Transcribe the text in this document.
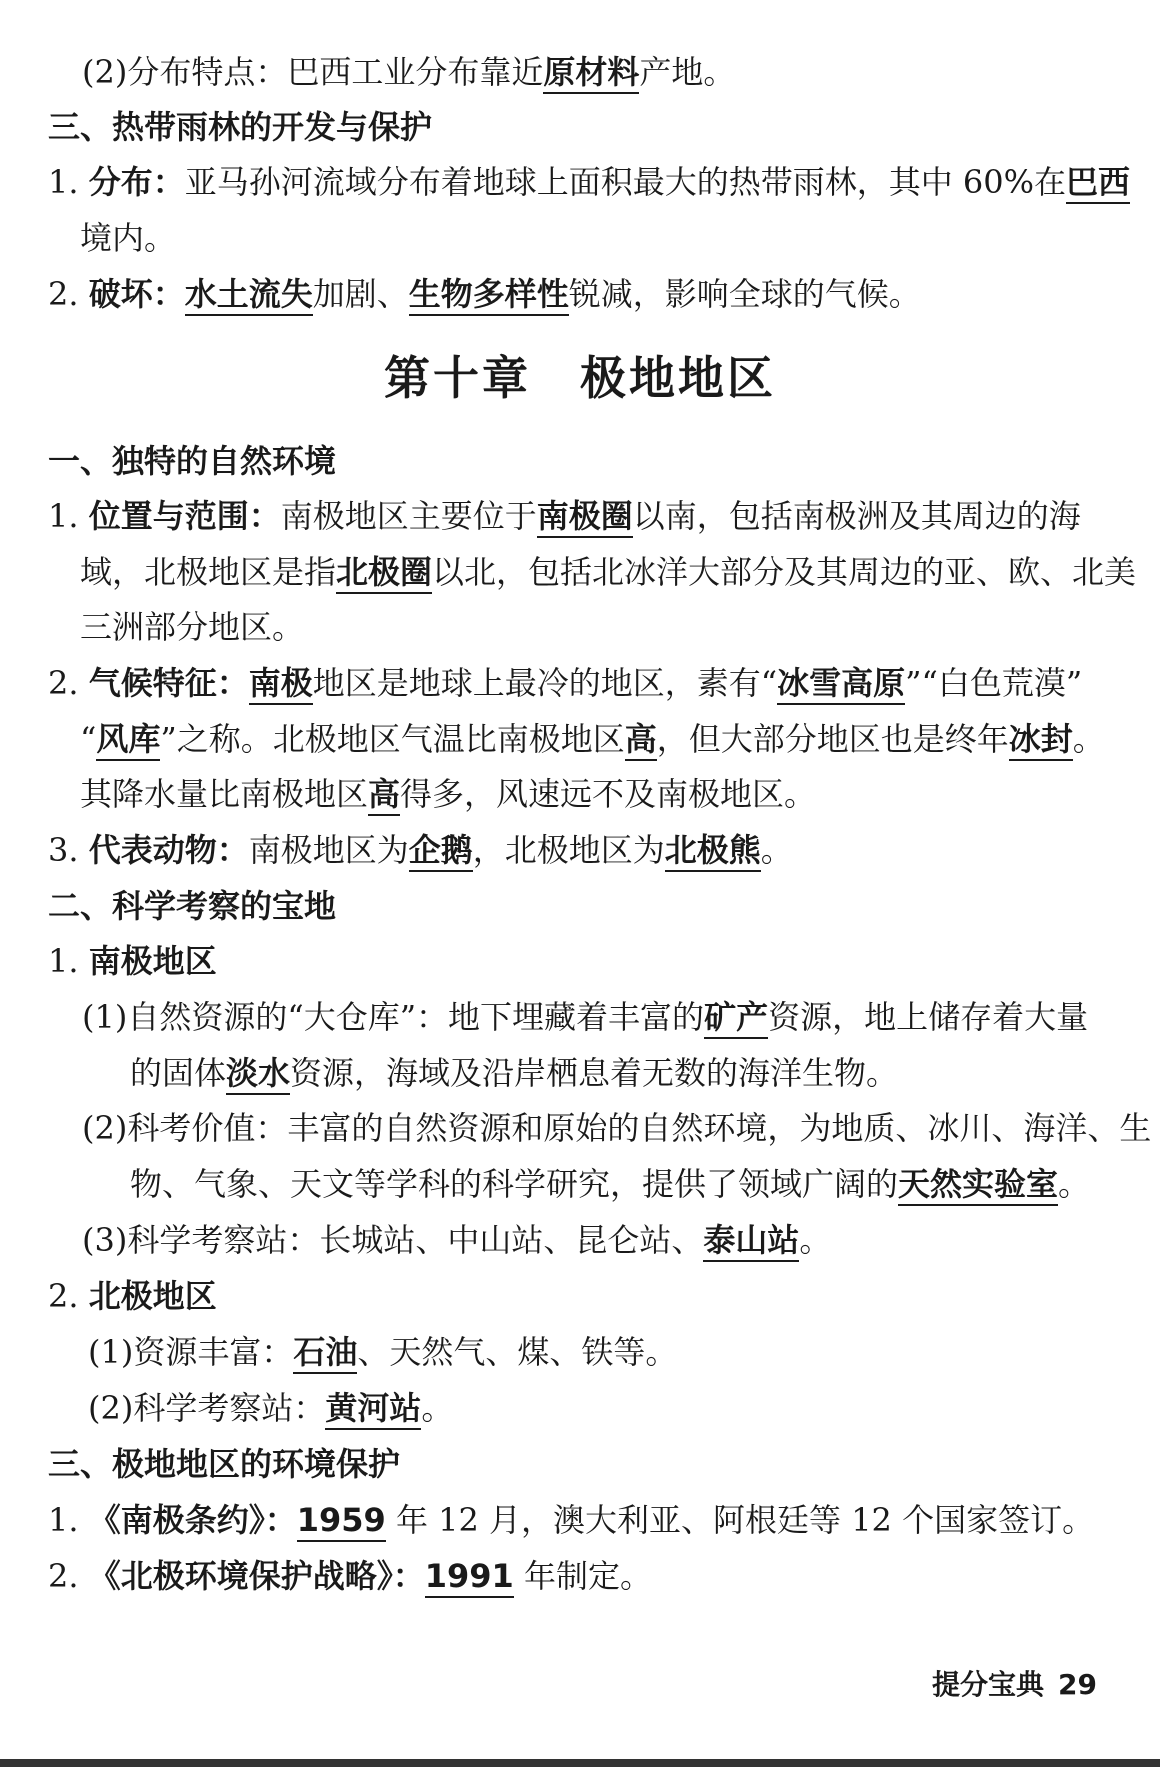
(2)分布特点：巴西工业分布靠近原材料产地。
三、热带雨林的开发与保护
1. 分布：亚马孙河流域分布着地球上面积最大的热带雨林，其中 60%在巴西
境内。
2. 破坏：水土流失加剧、生物多样性锐减，影响全球的气候。
第十章　极地地区
一、独特的自然环境
1. 位置与范围：南极地区主要位于南极圈以南，包括南极洲及其周边的海
域，北极地区是指北极圈以北，包括北冰洋大部分及其周边的亚、欧、北美
三洲部分地区。
2. 气候特征：南极地区是地球上最冷的地区，素有“冰雪高原”“白色荒漠”
“风库”之称。北极地区气温比南极地区高，但大部分地区也是终年冰封。
其降水量比南极地区高得多，风速远不及南极地区。
3. 代表动物：南极地区为企鹅，北极地区为北极熊。
二、科学考察的宝地
1. 南极地区
(1)自然资源的“大仓库”：地下埋藏着丰富的矿产资源，地上储存着大量
的固体淡水资源，海域及沿岸栖息着无数的海洋生物。
(2)科考价值：丰富的自然资源和原始的自然环境，为地质、冰川、海洋、生
物、气象、天文等学科的科学研究，提供了领域广阔的天然实验室。
(3)科学考察站：长城站、中山站、昆仑站、泰山站。
2. 北极地区
(1)资源丰富：石油、天然气、煤、铁等。
(2)科学考察站：黄河站。
三、极地地区的环境保护
1. 《南极条约》：1959 年 12 月，澳大利亚、阿根廷等 12 个国家签订。
2. 《北极环境保护战略》：1991 年制定。
提分宝典 29
